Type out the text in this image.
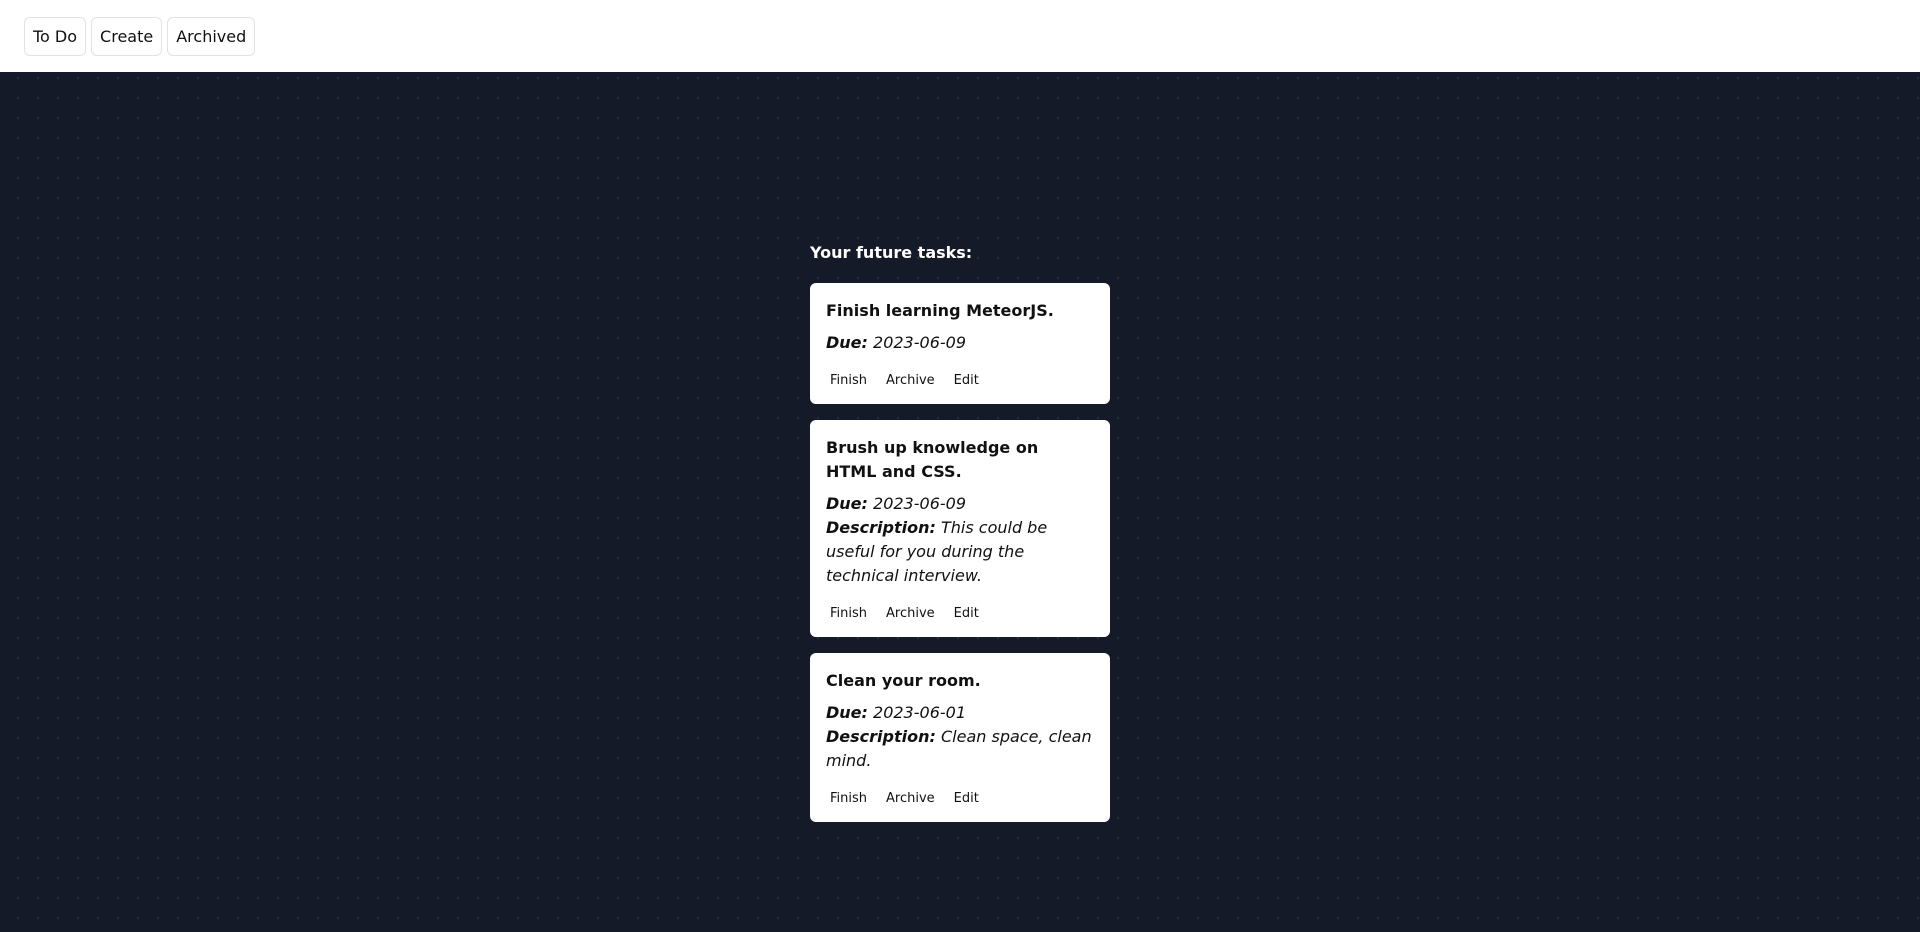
To Do	Create	Archived
Your future tasks:
Finish learning MeteorJS.
Due: 2023-06-09
Finish	Archive	Edit
Brush up knowledge on HTML and CSS.
Due: 2023-06-09
Description: This could be useful for you during the technical interview.
Finish	Archive	Edit
Clean your room.
Due: 2023-06-01
Description: Clean space, clean mind.
Finish	Archive	Edit
